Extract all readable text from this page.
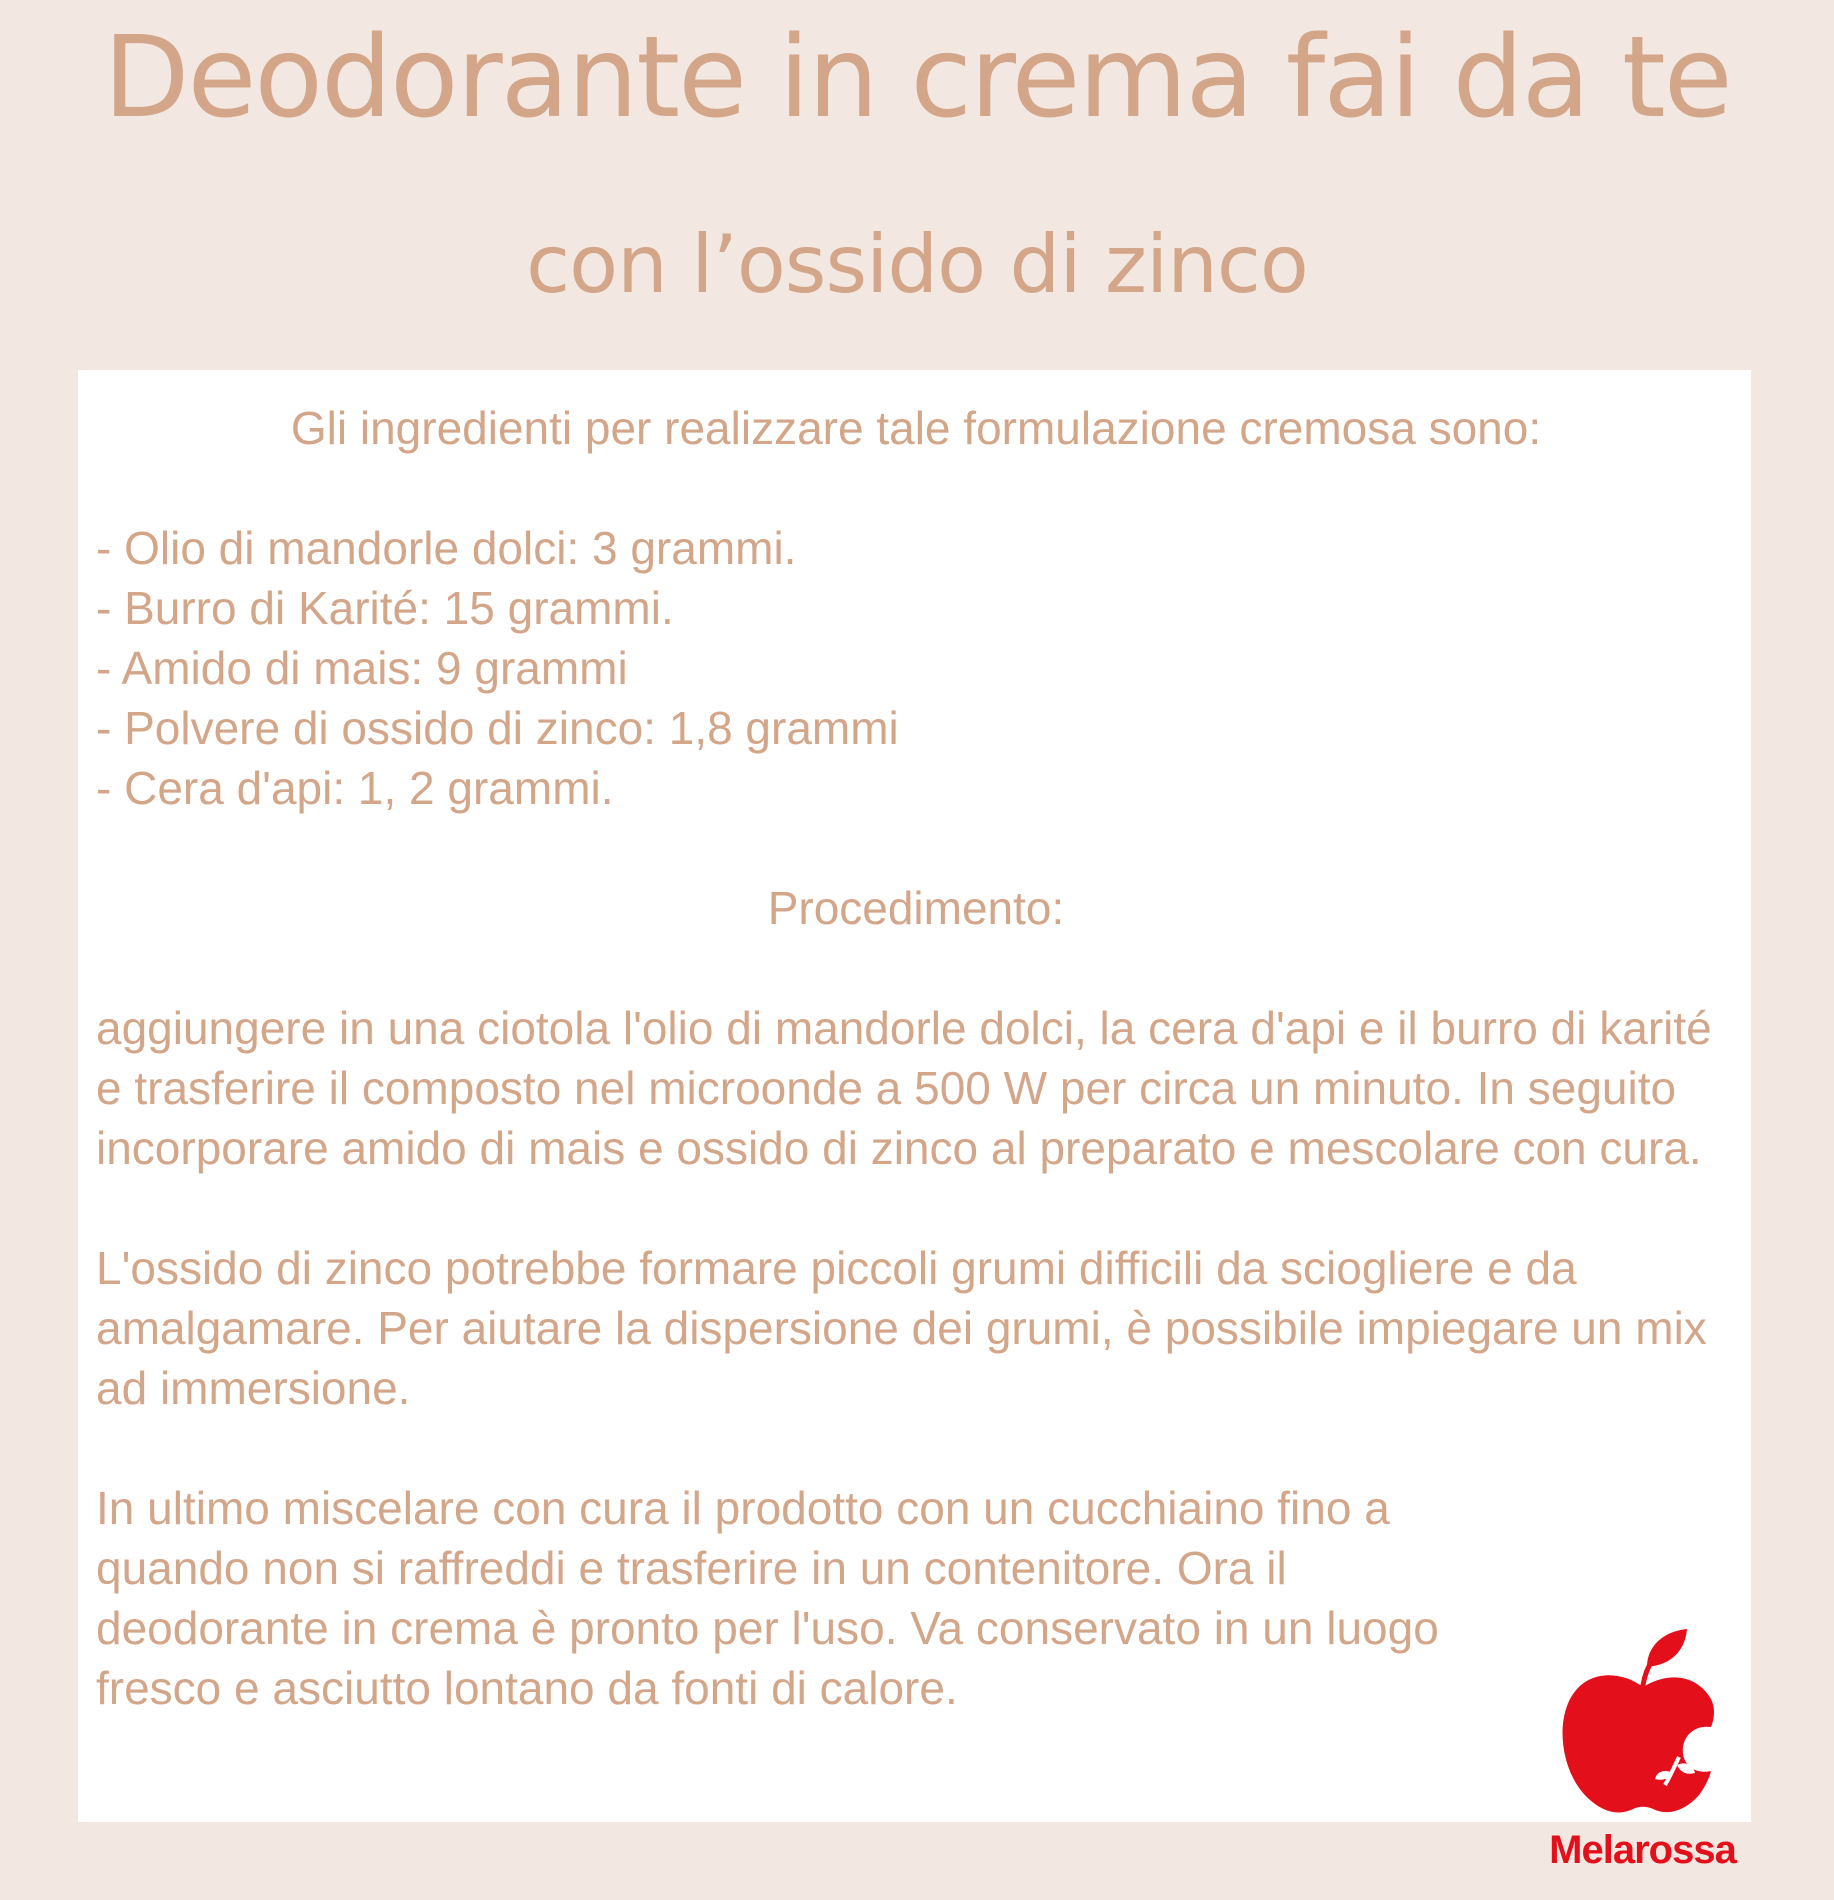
Deodorante in crema fai da te
con l’ossido di zinco

Gli ingredienti per realizzare tale formulazione cremosa sono:

- Olio di mandorle dolci: 3 grammi.

- Burro di Karité: 15 grammi.

- Amido di mais: 9 grammi

- Polvere di ossido di zinco: 1,8 grammi

- Cera d'api: 1, 2 grammi.

Procedimento:

aggiungere in una ciotola l'olio di mandorle dolci, la cera d'api e il burro di karité e trasferire il composto nel microonde a 500 W per circa un minuto. In seguito incorporare amido di mais e ossido di zinco al preparato e mescolare con cura.

L'ossido di zinco potrebbe formare piccoli grumi difficili da sciogliere e da amalgamare. Per aiutare la dispersione dei grumi, è possibile impiegare un mix ad immersione.

In ultimo miscelare con cura il prodotto con un cucchiaino fino a quando non si raffreddi e trasferire in un contenitore. Ora il deodorante in crema è pronto per l'uso. Va conservato in un luogo fresco e asciutto lontano da fonti di calore.

Melarossa
